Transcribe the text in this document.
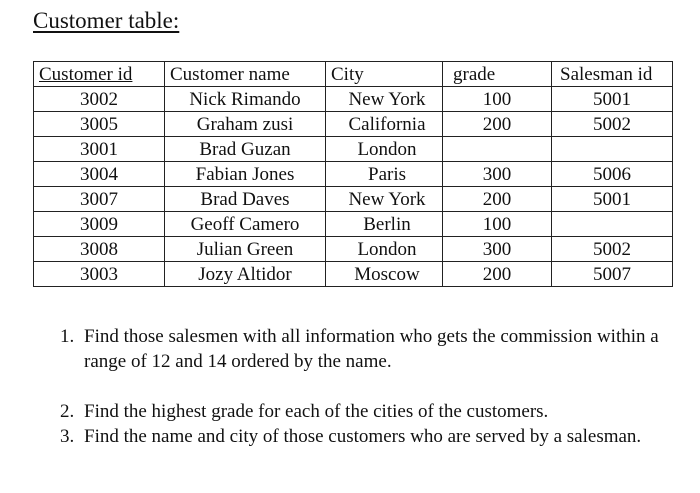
Customer table:
Customer id	Customer name	City	grade	Salesman id
3002	Nick Rimando	New York	100	5001
3005	Graham zusi	California	200	5002
3001	Brad Guzan	London		
3004	Fabian Jones	Paris	300	5006
3007	Brad Daves	New York	200	5001
3009	Geoff Camero	Berlin	100	
3008	Julian Green	London	300	5002
3003	Jozy Altidor	Moscow	200	5007
1. Find those salesmen with all information who gets the commission within a range of 12 and 14 ordered by the name.
2. Find the highest grade for each of the cities of the customers.
3. Find the name and city of those customers who are served by a salesman.
